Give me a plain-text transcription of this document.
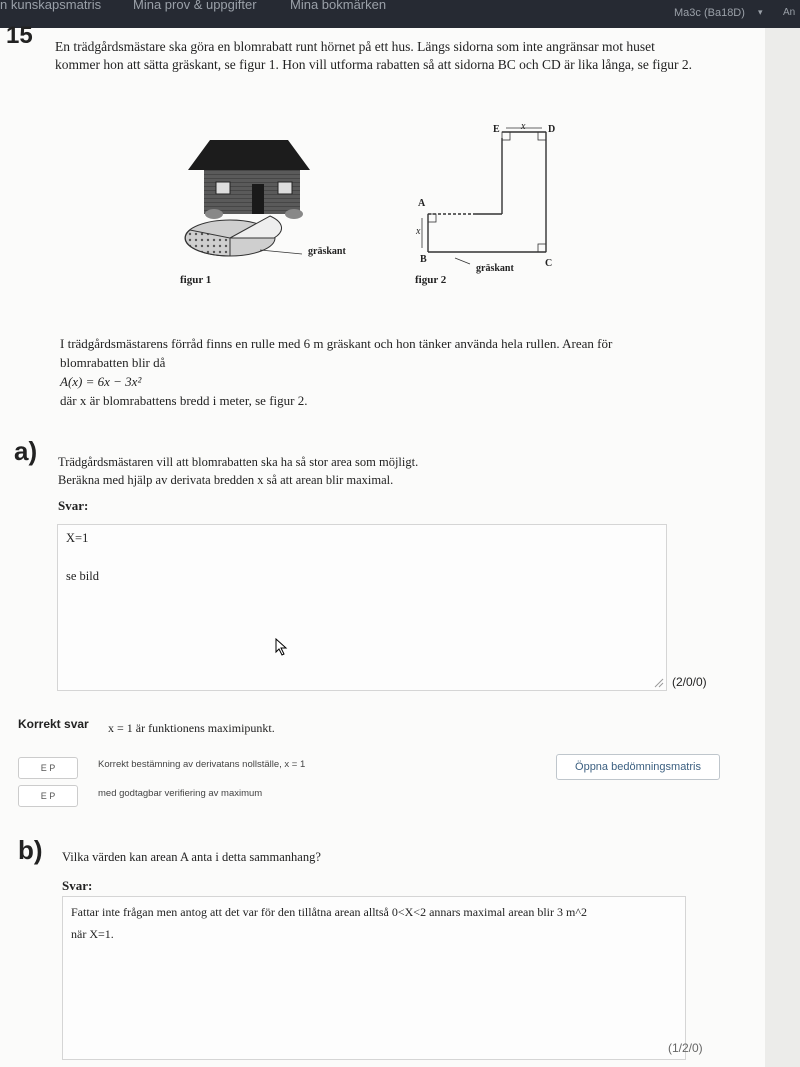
n kunskapsmatris Mina prov & uppgifter	Mina bokmärken
Ma3c (Ba18D) ▾ An
15 En trädgårdsmästare ska göra en blomrabatt runt hörnet på ett hus. Längs sidorna som inte angränsar mot huset kommer hon att sätta gräskant, se figur 1. Hon vill utforma rabatten så att sidorna BC och CD är lika långa, se figur 2.
figur 1
gräskant
figur 2
gräskant
A
B	C
D
E x
x
I trädgårdsmästarens förråd finns en rulle med 6 m gräskant och hon tänker använda hela rullen. Arean för blomrabatten blir då
A(x) = 6x − 3x²
där x är blomrabattens bredd i meter, se figur 2.
a) Trädgårdsmästaren vill att blomrabatten ska ha så stor area som möjligt.
Beräkna med hjälp av derivata bredden x så att arean blir maximal.
Svar:
X=1
se bild
(2/0/0)
Korrekt svar x = 1 är funktionens maximipunkt.
E P	Korrekt bestämning av derivatans nollställe, x = 1
E P	med godtagbar verifiering av maximum
Öppna bedömningsmatris
b) Vilka värden kan arean A anta i detta sammanhang?
Svar:
Fattar inte frågan men antog att det var för den tillåtna arean alltså 0<X<2 annars maximal arean blir 3 m^2
när X=1.
(1/2/0)
